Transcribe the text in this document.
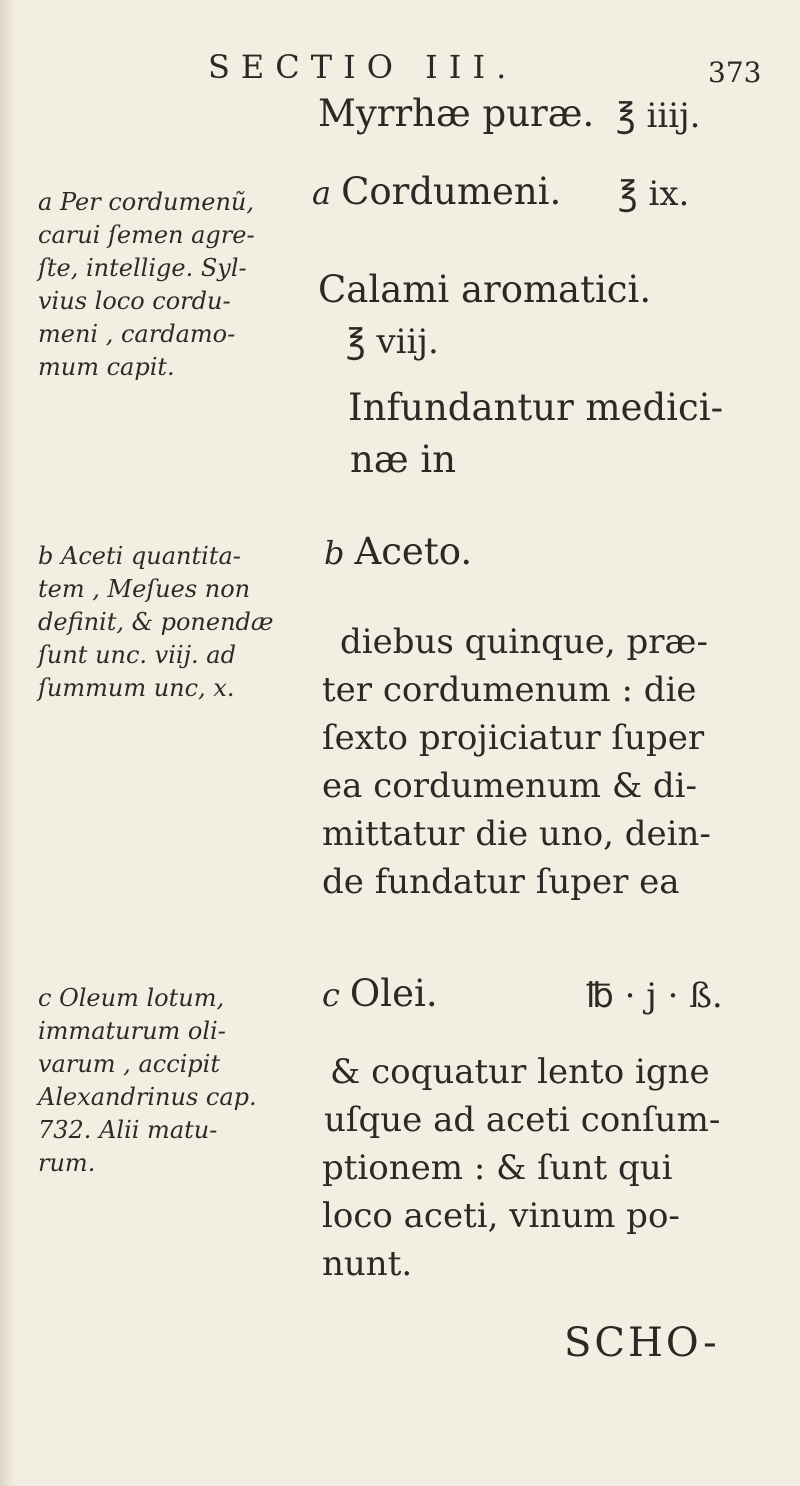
SECTIO III.	373
Myrrhæ puræ. ℥ iiij.
a Cordumeni. ℥ ix.
Calami aromatici.
℥ viij.
Infundantur medici-
næ in
b Aceto.
diebus quinque, præ-
ter cordumenum : die
ſexto projiciatur ſuper
ea cordumenum & di-
mittatur die uno, dein-
de fundatur ſuper ea
c Olei.	℔ · j · ß.
& coquatur lento igne
uſque ad aceti conſum-
ptionem : & ſunt qui
loco aceti, vinum po-
nunt.
SCHO-
a Per cordumenũ,
carui ſemen agre-
ſte, intellige. Syl-
vius loco cordu-
meni , cardamo-
mum capit.
b Aceti quantita-
tem , Meſues non
definit, & ponendæ
ſunt unc. viij. ad
ſummum unc, x.
c Oleum lotum,
immaturum oli-
varum , accipit
Alexandrinus cap.
732. Alii matu-
rum.
